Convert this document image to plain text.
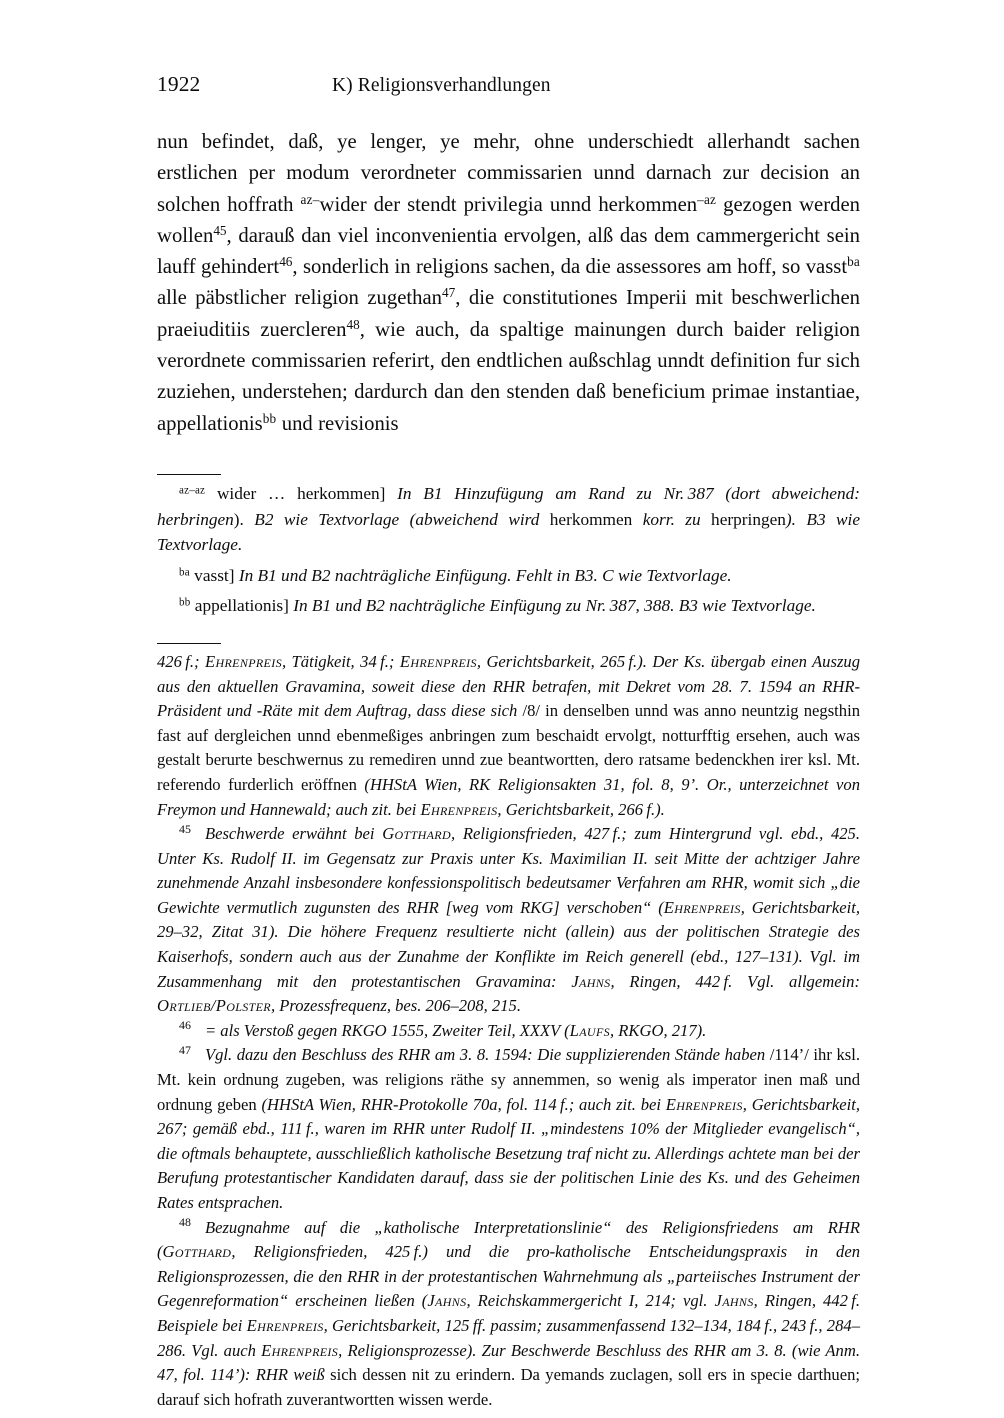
1922	K) Religionsverhandlungen

nun befindet, daß, ye lenger, ye mehr, ohne underschiedt allerhandt sachen erstlichen per modum verordneter commissarien unnd darnach zur decision an solchen hoffrath $^{az-}$wider der stendt privilegia unnd herkommen$^{-az}$ gezogen werden wollen$^{45}$, darauß dan viel inconvenientia ervolgen, alß das dem cammergericht sein lauff gehindert$^{46}$, sonderlich in religions sachen, da die assessores am hoff, so vasst$^{ba}$ alle päbstlicher religion zugethan$^{47}$, die constitutiones Imperii mit beschwerlichen praeiuditiis zuercleren$^{48}$, wie auch, da spaltige mainungen durch baider religion verordnete commissarien referirt, den endtlichen außschlag unndt definition fur sich zuziehen, understehen; dardurch dan den stenden daß beneficium primae instantiae, appellationis$^{bb}$ und revisionis

$^{az-az}$ wider … herkommen] In B1 Hinzufügung am Rand zu Nr. 387 (dort abweichend: herbringen). B2 wie Textvorlage (abweichend wird herkommen korr. zu herpringen). B3 wie Textvorlage.

$^{ba}$ vasst] In B1 und B2 nachträgliche Einfügung. Fehlt in B3. C wie Textvorlage.

$^{bb}$ appellationis] In B1 und B2 nachträgliche Einfügung zu Nr. 387, 388. B3 wie Textvorlage.

426 f.; Ehrenpreis, Tätigkeit, 34 f.; Ehrenpreis, Gerichtsbarkeit, 265 f.). Der Ks. übergab einen Auszug aus den aktuellen Gravamina, soweit diese den RHR betrafen, mit Dekret vom 28. 7. 1594 an RHR-Präsident und -Räte mit dem Auftrag, dass diese sich /8/ in denselben unnd was anno neuntzig negsthin fast auf dergleichen unnd ebenmeßiges anbringen zum beschaidt ervolgt, notturfftig ersehen, auch was gestalt berurte beschwernus zu remediren unnd zue beantwortten, dero ratsame bedenckhen irer ksl. Mt. referendo furderlich eröffnen (HHStA Wien, RK Religionsakten 31, fol. 8, 9’. Or., unterzeichnet von Freymon und Hannewald; auch zit. bei Ehrenpreis, Gerichtsbarkeit, 266 f.).

45 Beschwerde erwähnt bei Gotthard, Religionsfrieden, 427 f.; zum Hintergrund vgl. ebd., 425. Unter Ks. Rudolf II. im Gegensatz zur Praxis unter Ks. Maximilian II. seit Mitte der achtziger Jahre zunehmende Anzahl insbesondere konfessionspolitisch bedeutsamer Verfahren am RHR, womit sich „die Gewichte vermutlich zugunsten des RHR [weg vom RKG] verschoben“ (Ehrenpreis, Gerichtsbarkeit, 29–32, Zitat 31). Die höhere Frequenz resultierte nicht (allein) aus der politischen Strategie des Kaiserhofs, sondern auch aus der Zunahme der Konflikte im Reich generell (ebd., 127–131). Vgl. im Zusammenhang mit den protestantischen Gravamina: Jahns, Ringen, 442 f. Vgl. allgemein: Ortlieb/Polster, Prozessfrequenz, bes. 206–208, 215.

46 = als Verstoß gegen RKGO 1555, Zweiter Teil, XXXV (Laufs, RKGO, 217).

47 Vgl. dazu den Beschluss des RHR am 3. 8. 1594: Die supplizierenden Stände haben /114’/ ihr ksl. Mt. kein ordnung zugeben, was religions räthe sy annemmen, so wenig als imperator inen maß und ordnung geben (HHStA Wien, RHR-Protokolle 70a, fol. 114 f.; auch zit. bei Ehrenpreis, Gerichtsbarkeit, 267; gemäß ebd., 111 f., waren im RHR unter Rudolf II. „mindestens 10% der Mitglieder evangelisch“, die oftmals behauptete, ausschließlich katholische Besetzung traf nicht zu. Allerdings achtete man bei der Berufung protestantischer Kandidaten darauf, dass sie der politischen Linie des Ks. und des Geheimen Rates entsprachen.

48 Bezugnahme auf die „katholische Interpretationslinie“ des Religionsfriedens am RHR (Gotthard, Religionsfrieden, 425 f.) und die pro-katholische Entscheidungspraxis in den Religionsprozessen, die den RHR in der protestantischen Wahrnehmung als „parteiisches Instrument der Gegenreformation“ erscheinen ließen (Jahns, Reichskammergericht I, 214; vgl. Jahns, Ringen, 442 f. Beispiele bei Ehrenpreis, Gerichtsbarkeit, 125 ff. passim; zusammenfassend 132–134, 184 f., 243 f., 284–286. Vgl. auch Ehrenpreis, Religionsprozesse). Zur Beschwerde Beschluss des RHR am 3. 8. (wie Anm. 47, fol. 114’): RHR weiß sich dessen nit zu erindern. Da yemands zuclagen, soll ers in specie darthuen; darauf sich hofrath zuverantwortten wissen werde.
